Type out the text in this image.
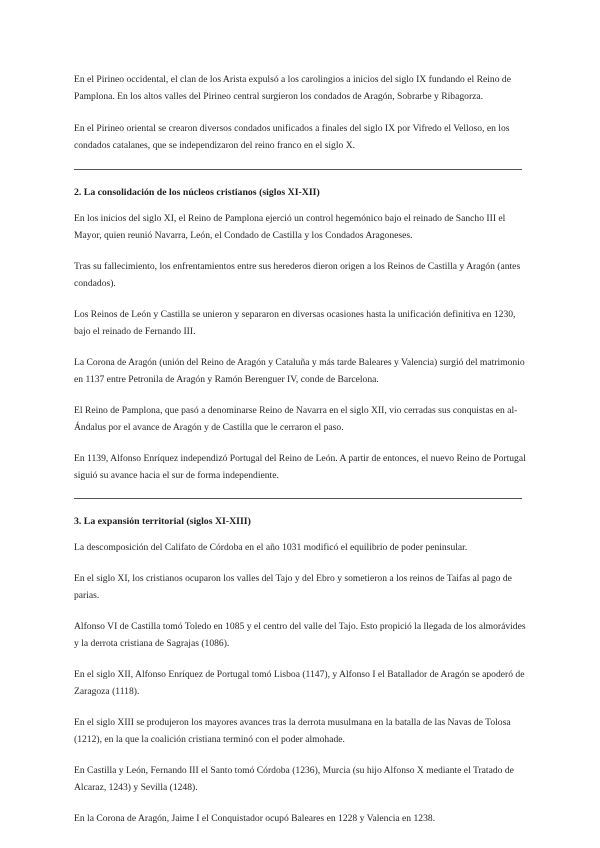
En el Pirineo occidental, el clan de los Arista expulsó a los carolingios a inicios del siglo IX fundando el Reino de Pamplona. En los altos valles del Pirineo central surgieron los condados de Aragón, Sobrarbe y Ribagorza.

En el Pirineo oriental se crearon diversos condados unificados a finales del siglo IX por Vifredo el Velloso, en los condados catalanes, que se independizaron del reino franco en el siglo X.

2. La consolidación de los núcleos cristianos (siglos XI-XII)

En los inicios del siglo XI, el Reino de Pamplona ejerció un control hegemónico bajo el reinado de Sancho III el Mayor, quien reunió Navarra, León, el Condado de Castilla y los Condados Aragoneses.

Tras su fallecimiento, los enfrentamientos entre sus herederos dieron origen a los Reinos de Castilla y Aragón (antes condados).

Los Reinos de León y Castilla se unieron y separaron en diversas ocasiones hasta la unificación definitiva en 1230, bajo el reinado de Fernando III.

La Corona de Aragón (unión del Reino de Aragón y Cataluña y más tarde Baleares y Valencia) surgió del matrimonio en 1137 entre Petronila de Aragón y Ramón Berenguer IV, conde de Barcelona.

El Reino de Pamplona, que pasó a denominarse Reino de Navarra en el siglo XII, vio cerradas sus conquistas en al-Ándalus por el avance de Aragón y de Castilla que le cerraron el paso.

En 1139, Alfonso Enríquez independizó Portugal del Reino de León. A partir de entonces, el nuevo Reino de Portugal siguió su avance hacia el sur de forma independiente.

3. La expansión territorial (siglos XI-XIII)

La descomposición del Califato de Córdoba en el año 1031 modificó el equilibrio de poder peninsular.

En el siglo XI, los cristianos ocuparon los valles del Tajo y del Ebro y sometieron a los reinos de Taifas al pago de parias.

Alfonso VI de Castilla tomó Toledo en 1085 y el centro del valle del Tajo. Esto propició la llegada de los almorávides y la derrota cristiana de Sagrajas (1086).

En el siglo XII, Alfonso Enríquez de Portugal tomó Lisboa (1147), y Alfonso I el Batallador de Aragón se apoderó de Zaragoza (1118).

En el siglo XIII se produjeron los mayores avances tras la derrota musulmana en la batalla de las Navas de Tolosa (1212), en la que la coalición cristiana terminó con el poder almohade.

En Castilla y León, Fernando III el Santo tomó Córdoba (1236), Murcia (su hijo Alfonso X mediante el Tratado de Alcaraz, 1243) y Sevilla (1248).

En la Corona de Aragón, Jaime I el Conquistador ocupó Baleares en 1228 y Valencia en 1238.
